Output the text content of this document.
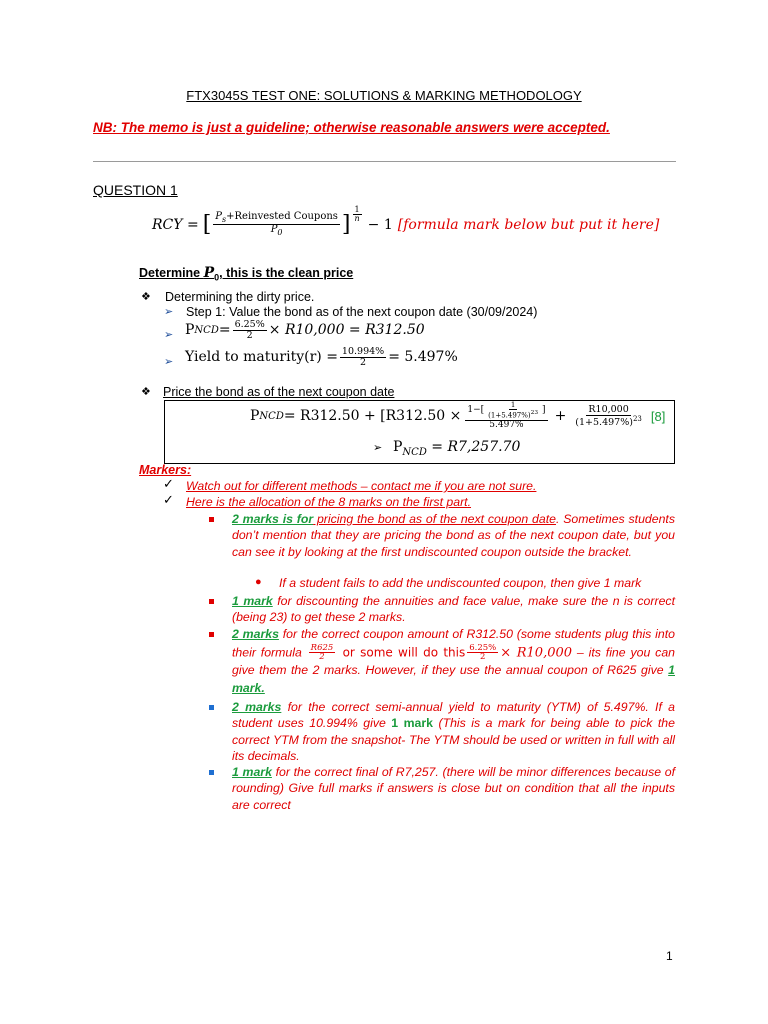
FTX3045S TEST ONE: SOLUTIONS & MARKING METHODOLOGY
NB: The memo is just a guideline; otherwise reasonable answers were accepted.
QUESTION 1
RCY = [ $\frac{P_s+Reinvested Coupons}{P_0}$ ] $\frac{1}{n}$
− 1 [formula mark below but put it here]
Determine $P_0$, this is the clean price
❖ Determining the dirty price.
➢ Step 1: Value the bond as of the next coupon date (30/09/2024)
➢ P NCD = $\frac{6.25\%}{2} \times R10,000 = R312.50$
➢ Yield to maturity(r) = $\frac{10.994\%}{2} = 5.497\%$
❖ Price the bond as of the next coupon date
P NCD = $R312.50 + [R312.50 \times \frac{1-[ \frac{1}{(1+5.497\%)^{23}} ]}{5.497\%} + \frac{R10,000}{(1+5.497\%)^{23}} [8]$
➢ $P_{NCD} = R7,257.70$
Markers:
✓ Watch out for different methods – contact me if you are not sure.
✓ Here is the allocation of the 8 marks on the first part.
2 marks is for pricing the bond as of the next coupon date. Sometimes students don’t mention that they are pricing the bond as of the next coupon date, but you can see it by looking at the first undiscounted coupon outside the bracket.
● If a student fails to add the undiscounted coupon, then give 1 mark
1 mark for discounting the annuities and face value, make sure the n is correct (being 23) to get these 2 marks.
2 marks for the correct coupon amount of R312.50 (some students plug this into their formula $\frac{R625}{2}$ or some will do this $\frac{6.25\%}{2} \times R10,000$ – its fine you can give them the 2 marks. However, if they use the annual coupon of R625 give 1 mark.
2 marks for the correct semi-annual yield to maturity (YTM) of 5.497%. If a student uses 10.994% give 1 mark (This is a mark for being able to pick the correct YTM from the snapshot- The YTM should be used or written in full with all its decimals.
1 mark for the correct final of R7,257. (there will be minor differences because of rounding) Give full marks if answers is close but on condition that all the inputs are correct
1
